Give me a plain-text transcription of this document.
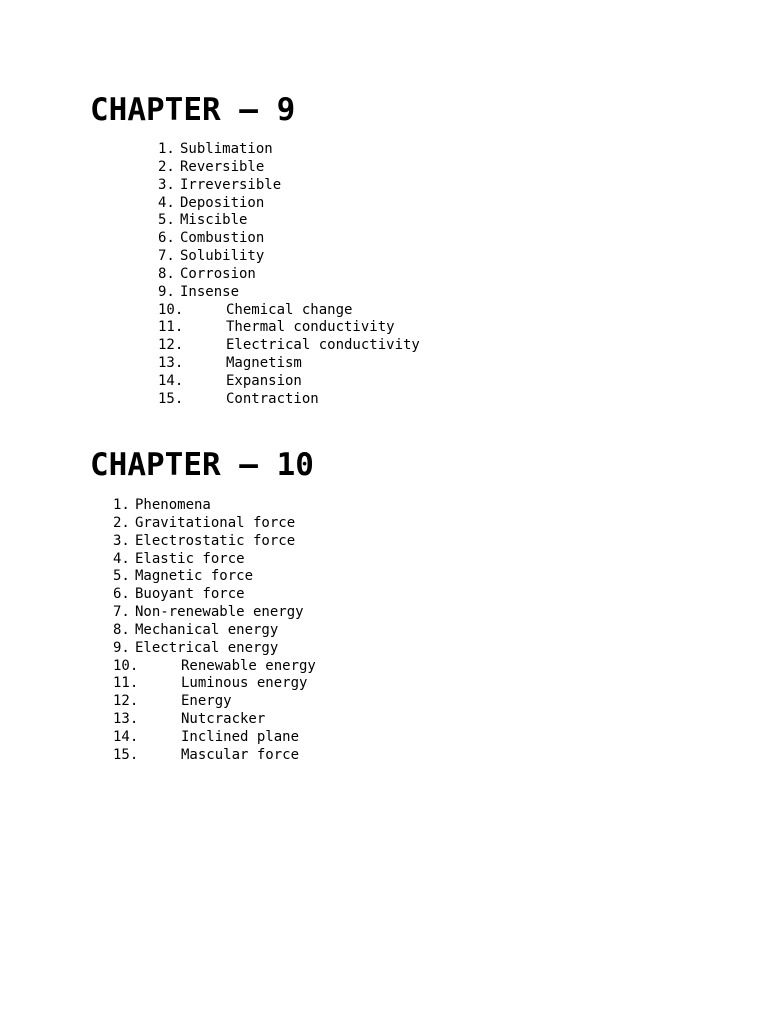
CHAPTER – 9
1. Sublimation
2. Reversible
3. Irreversible
4. Deposition
5. Miscible
6. Combustion
7. Solubility
8. Corrosion
9. Insense
10.	Chemical change
11.	Thermal conductivity
12.	Electrical conductivity
13.	Magnetism
14.	Expansion
15.	Contraction
CHAPTER – 10
1. Phenomena
2. Gravitational force
3. Electrostatic force
4. Elastic force
5. Magnetic force
6. Buoyant force
7. Non-renewable energy
8. Mechanical energy
9. Electrical energy
10.	Renewable energy
11.	Luminous energy
12.	Energy
13.	Nutcracker
14.	Inclined plane
15.	Mascular force
